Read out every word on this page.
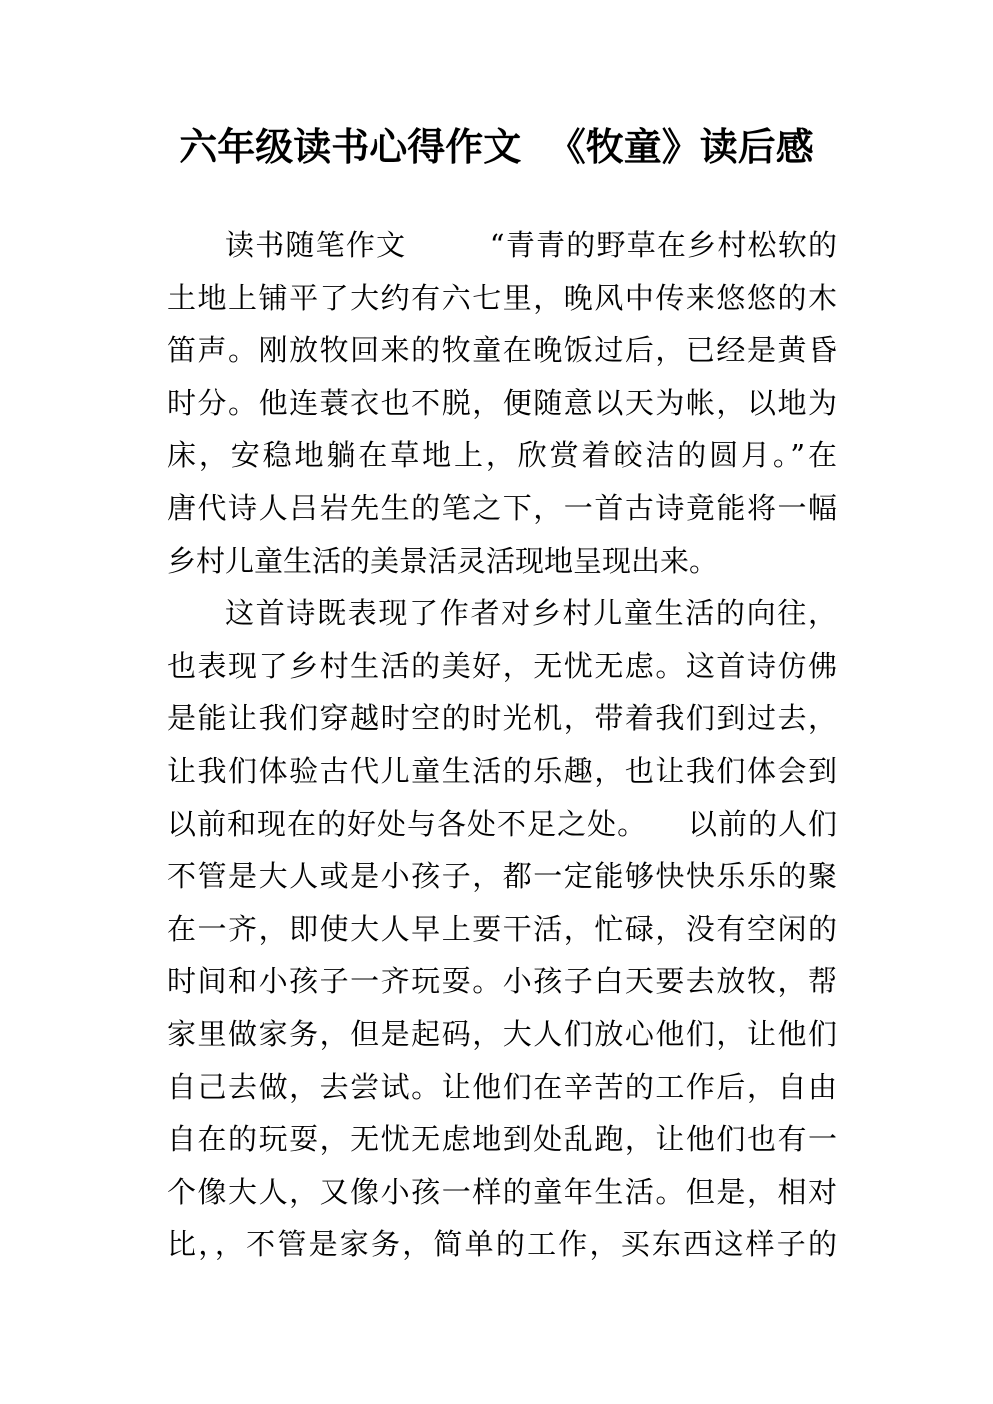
六年级读书心得作文  《牧童》读后感
读书随笔作文        “青青的野草在乡村松软的
土地上铺平了大约有六七里，晚风中传来悠悠的木
笛声。刚放牧回来的牧童在晚饭过后，已经是黄昏
时分。他连蓑衣也不脱，便随意以天为帐，以地为
床，安稳地躺在草地上，欣赏着皎洁的圆月。”在
唐代诗人吕岩先生的笔之下，一首古诗竟能将一幅
乡村儿童生活的美景活灵活现地呈现出来。
这首诗既表现了作者对乡村儿童生活的向往，
也表现了乡村生活的美好，无忧无虑。这首诗仿佛
是能让我们穿越时空的时光机，带着我们到过去，
让我们体验古代儿童生活的乐趣，也让我们体会到
以前和现在的好处与各处不足之处。    以前的人们
不管是大人或是小孩子，都一定能够快快乐乐的聚
在一齐，即使大人早上要干活，忙碌，没有空闲的
时间和小孩子一齐玩耍。小孩子白天要去放牧，帮
家里做家务，但是起码，大人们放心他们，让他们
自己去做，去尝试。让他们在辛苦的工作后，自由
自在的玩耍，无忧无虑地到处乱跑，让他们也有一
个像大人，又像小孩一样的童年生活。但是，相对
比，，不管是家务，简单的工作，买东西这样子的
